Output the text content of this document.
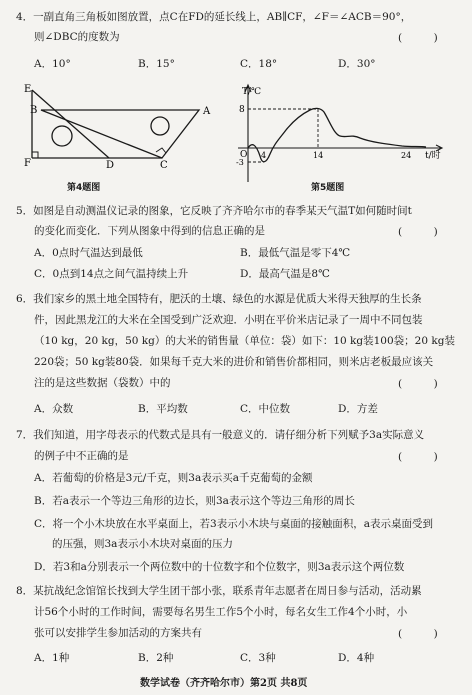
4．一副直角三角板如图放置，点C在FD的延长线上，AB∥CF，∠F＝∠ACB＝90°，
则∠DBC的度数为	(　　　)
A．10°	B．15°	C．18°	D．30°
E
B	A
F	D	C
第4题图
T/℃
t/时
O
8
-3
4	14	24
第5题图
5．如图是自动测温仪记录的图象，它反映了齐齐哈尔市的春季某天气温T如何随时间t
的变化而变化．下列从图象中得到的信息正确的是	(　　　)
A．0点时气温达到最低	B．最低气温是零下4℃
C．0点到14点之间气温持续上升	D．最高气温是8℃
6．我们家乡的黑土地全国特有，肥沃的土壤、绿色的水源是优质大米得天独厚的生长条
件，因此黑龙江的大米在全国受到广泛欢迎．小明在平价米店记录了一周中不同包装
（10 kg，20 kg，50 kg）的大米的销售量（单位：袋）如下：10 kg装100袋；20 kg装
220袋；50 kg装80袋．如果每千克大米的进价和销售价都相同，则米店老板最应该关
注的是这些数据（袋数）中的	(　　　)
A．众数	B．平均数	C．中位数	D．方差
7．我们知道，用字母表示的代数式是具有一般意义的．请仔细分析下列赋予3a实际意义
的例子中不正确的是	(　　　)
A．若葡萄的价格是3元/千克，则3a表示买a千克葡萄的金额
B．若a表示一个等边三角形的边长，则3a表示这个等边三角形的周长
C．将一个小木块放在水平桌面上，若3表示小木块与桌面的接触面积，a表示桌面受到
的压强，则3a表示小木块对桌面的压力
D．若3和a分别表示一个两位数中的十位数字和个位数字，则3a表示这个两位数
8．某抗战纪念馆馆长找到大学生团干部小张，联系青年志愿者在周日参与活动，活动累
计56个小时的工作时间，需要每名男生工作5个小时，每名女生工作4个小时，小
张可以安排学生参加活动的方案共有	(　　　)
A．1种	B．2种	C．3种	D．4种
数学试卷（齐齐哈尔市）第2页 共8页
